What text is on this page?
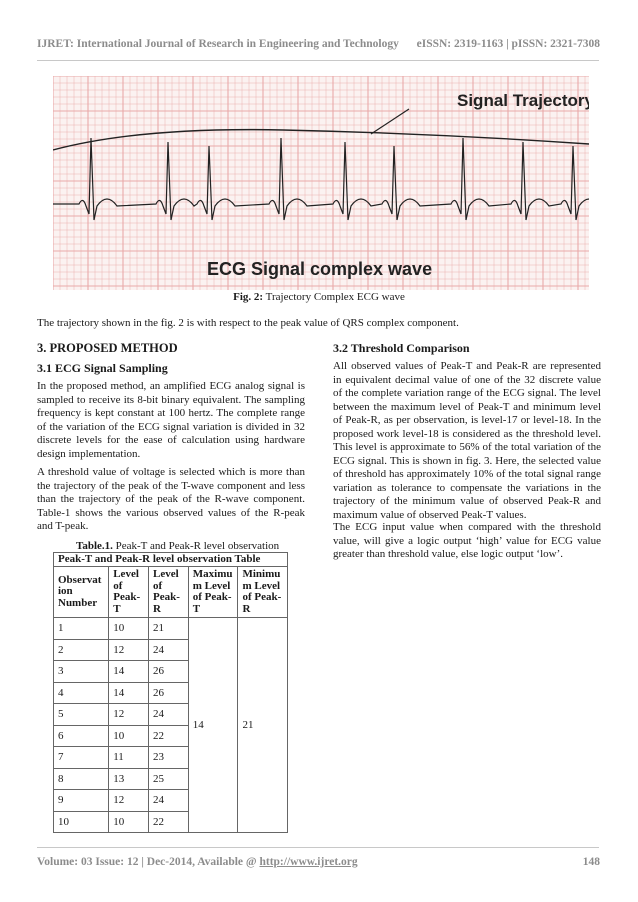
IJRET: International Journal of Research in Engineering and Technology eISSN: 2319-1163 | pISSN: 2321-7308
Signal Trajectory
ECG Signal complex wave
Fig. 2: Trajectory Complex ECG wave
The trajectory shown in the fig. 2 is with respect to the peak value of QRS complex component.
3. PROPOSED METHOD
3.1 ECG Signal Sampling
In the proposed method, an amplified ECG analog signal is sampled to receive its 8-bit binary equivalent. The sampling frequency is kept constant at 100 hertz. The complete range of the variation of the ECG signal variation is divided in 32 discrete levels for the ease of calculation using hardware design implementation.
A threshold value of voltage is selected which is more than the trajectory of the peak of the T-wave component and less than the trajectory of the peak of the R-wave component. Table-1 shows the various observed values of the R-peak and T-peak.
Table.1. Peak-T and Peak-R level observation
Peak-T and Peak-R level observation Table				
Observat ion Number	Level of Peak-T	Level of Peak-R	Maximu m Level of Peak-T	Minimu m Level of Peak-R
1	10	21	14	21
2	12	24		
3	14	26		
4	14	26		
5	12	24		
6	10	22		
7	11	23		
8	13	25		
9	12	24		
10	10	22		
3.2 Threshold Comparison
All observed values of Peak-T and Peak-R are represented in equivalent decimal value of one of the 32 discrete value of the complete variation range of the ECG signal. The level between the maximum level of Peak-T and minimum level of Peak-R, as per observation, is level-17 or level-18. In the proposed work level-18 is considered as the threshold level. This level is approximate to 56% of the total variation of the ECG signal. This is shown in fig. 3. Here, the selected value of threshold has approximately 10% of the total signal range variation as tolerance to compensate the variations in the trajectory of the minimum value of observed Peak-R and maximum value of observed Peak-T values.
The ECG input value when compared with the threshold value, will give a logic output ‘high’ value for ECG value greater than threshold value, else logic output ‘low’.
Volume: 03 Issue: 12 | Dec-2014, Available @ http://www.ijret.org	148
